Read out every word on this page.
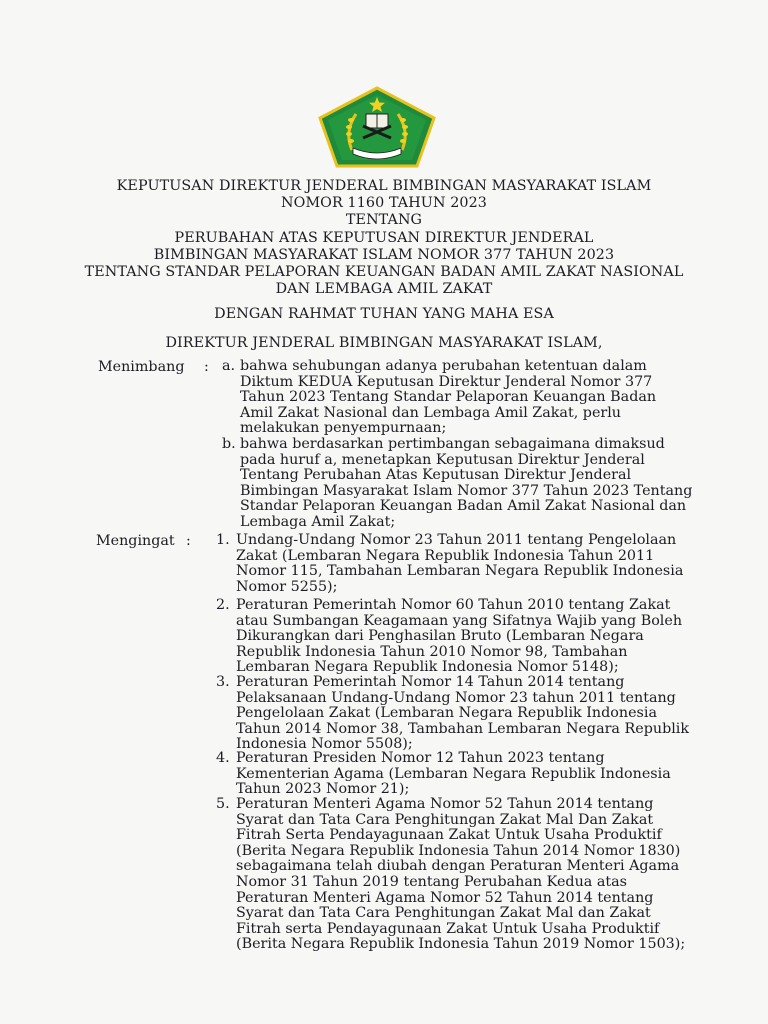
KEPUTUSAN DIREKTUR JENDERAL BIMBINGAN MASYARAKAT ISLAM
NOMOR 1160 TAHUN 2023
TENTANG
PERUBAHAN ATAS KEPUTUSAN DIREKTUR JENDERAL
BIMBINGAN MASYARAKAT ISLAM NOMOR 377 TAHUN 2023
TENTANG STANDAR PELAPORAN KEUANGAN BADAN AMIL ZAKAT NASIONAL
DAN LEMBAGA AMIL ZAKAT
DENGAN RAHMAT TUHAN YANG MAHA ESA
DIREKTUR JENDERAL BIMBINGAN MASYARAKAT ISLAM,
Menimbang : a. bahwa sehubungan adanya perubahan ketentuan dalam
Diktum KEDUA Keputusan Direktur Jenderal Nomor 377
Tahun 2023 Tentang Standar Pelaporan Keuangan Badan
Amil Zakat Nasional dan Lembaga Amil Zakat, perlu
melakukan penyempurnaan;
b. bahwa berdasarkan pertimbangan sebagaimana dimaksud
pada huruf a, menetapkan Keputusan Direktur Jenderal
Tentang Perubahan Atas Keputusan Direktur Jenderal
Bimbingan Masyarakat Islam Nomor 377 Tahun 2023 Tentang
Standar Pelaporan Keuangan Badan Amil Zakat Nasional dan
Lembaga Amil Zakat;
Mengingat : 1. Undang-Undang Nomor 23 Tahun 2011 tentang Pengelolaan
Zakat (Lembaran Negara Republik Indonesia Tahun 2011
Nomor 115, Tambahan Lembaran Negara Republik Indonesia
Nomor 5255);
2. Peraturan Pemerintah Nomor 60 Tahun 2010 tentang Zakat
atau Sumbangan Keagamaan yang Sifatnya Wajib yang Boleh
Dikurangkan dari Penghasilan Bruto (Lembaran Negara
Republik Indonesia Tahun 2010 Nomor 98, Tambahan
Lembaran Negara Republik Indonesia Nomor 5148);
3. Peraturan Pemerintah Nomor 14 Tahun 2014 tentang
Pelaksanaan Undang-Undang Nomor 23 tahun 2011 tentang
Pengelolaan Zakat (Lembaran Negara Republik Indonesia
Tahun 2014 Nomor 38, Tambahan Lembaran Negara Republik
Indonesia Nomor 5508);
4. Peraturan Presiden Nomor 12 Tahun 2023 tentang
Kementerian Agama (Lembaran Negara Republik Indonesia
Tahun 2023 Nomor 21);
5. Peraturan Menteri Agama Nomor 52 Tahun 2014 tentang
Syarat dan Tata Cara Penghitungan Zakat Mal Dan Zakat
Fitrah Serta Pendayagunaan Zakat Untuk Usaha Produktif
(Berita Negara Republik Indonesia Tahun 2014 Nomor 1830)
sebagaimana telah diubah dengan Peraturan Menteri Agama
Nomor 31 Tahun 2019 tentang Perubahan Kedua atas
Peraturan Menteri Agama Nomor 52 Tahun 2014 tentang
Syarat dan Tata Cara Penghitungan Zakat Mal dan Zakat
Fitrah serta Pendayagunaan Zakat Untuk Usaha Produktif
(Berita Negara Republik Indonesia Tahun 2019 Nomor 1503);
